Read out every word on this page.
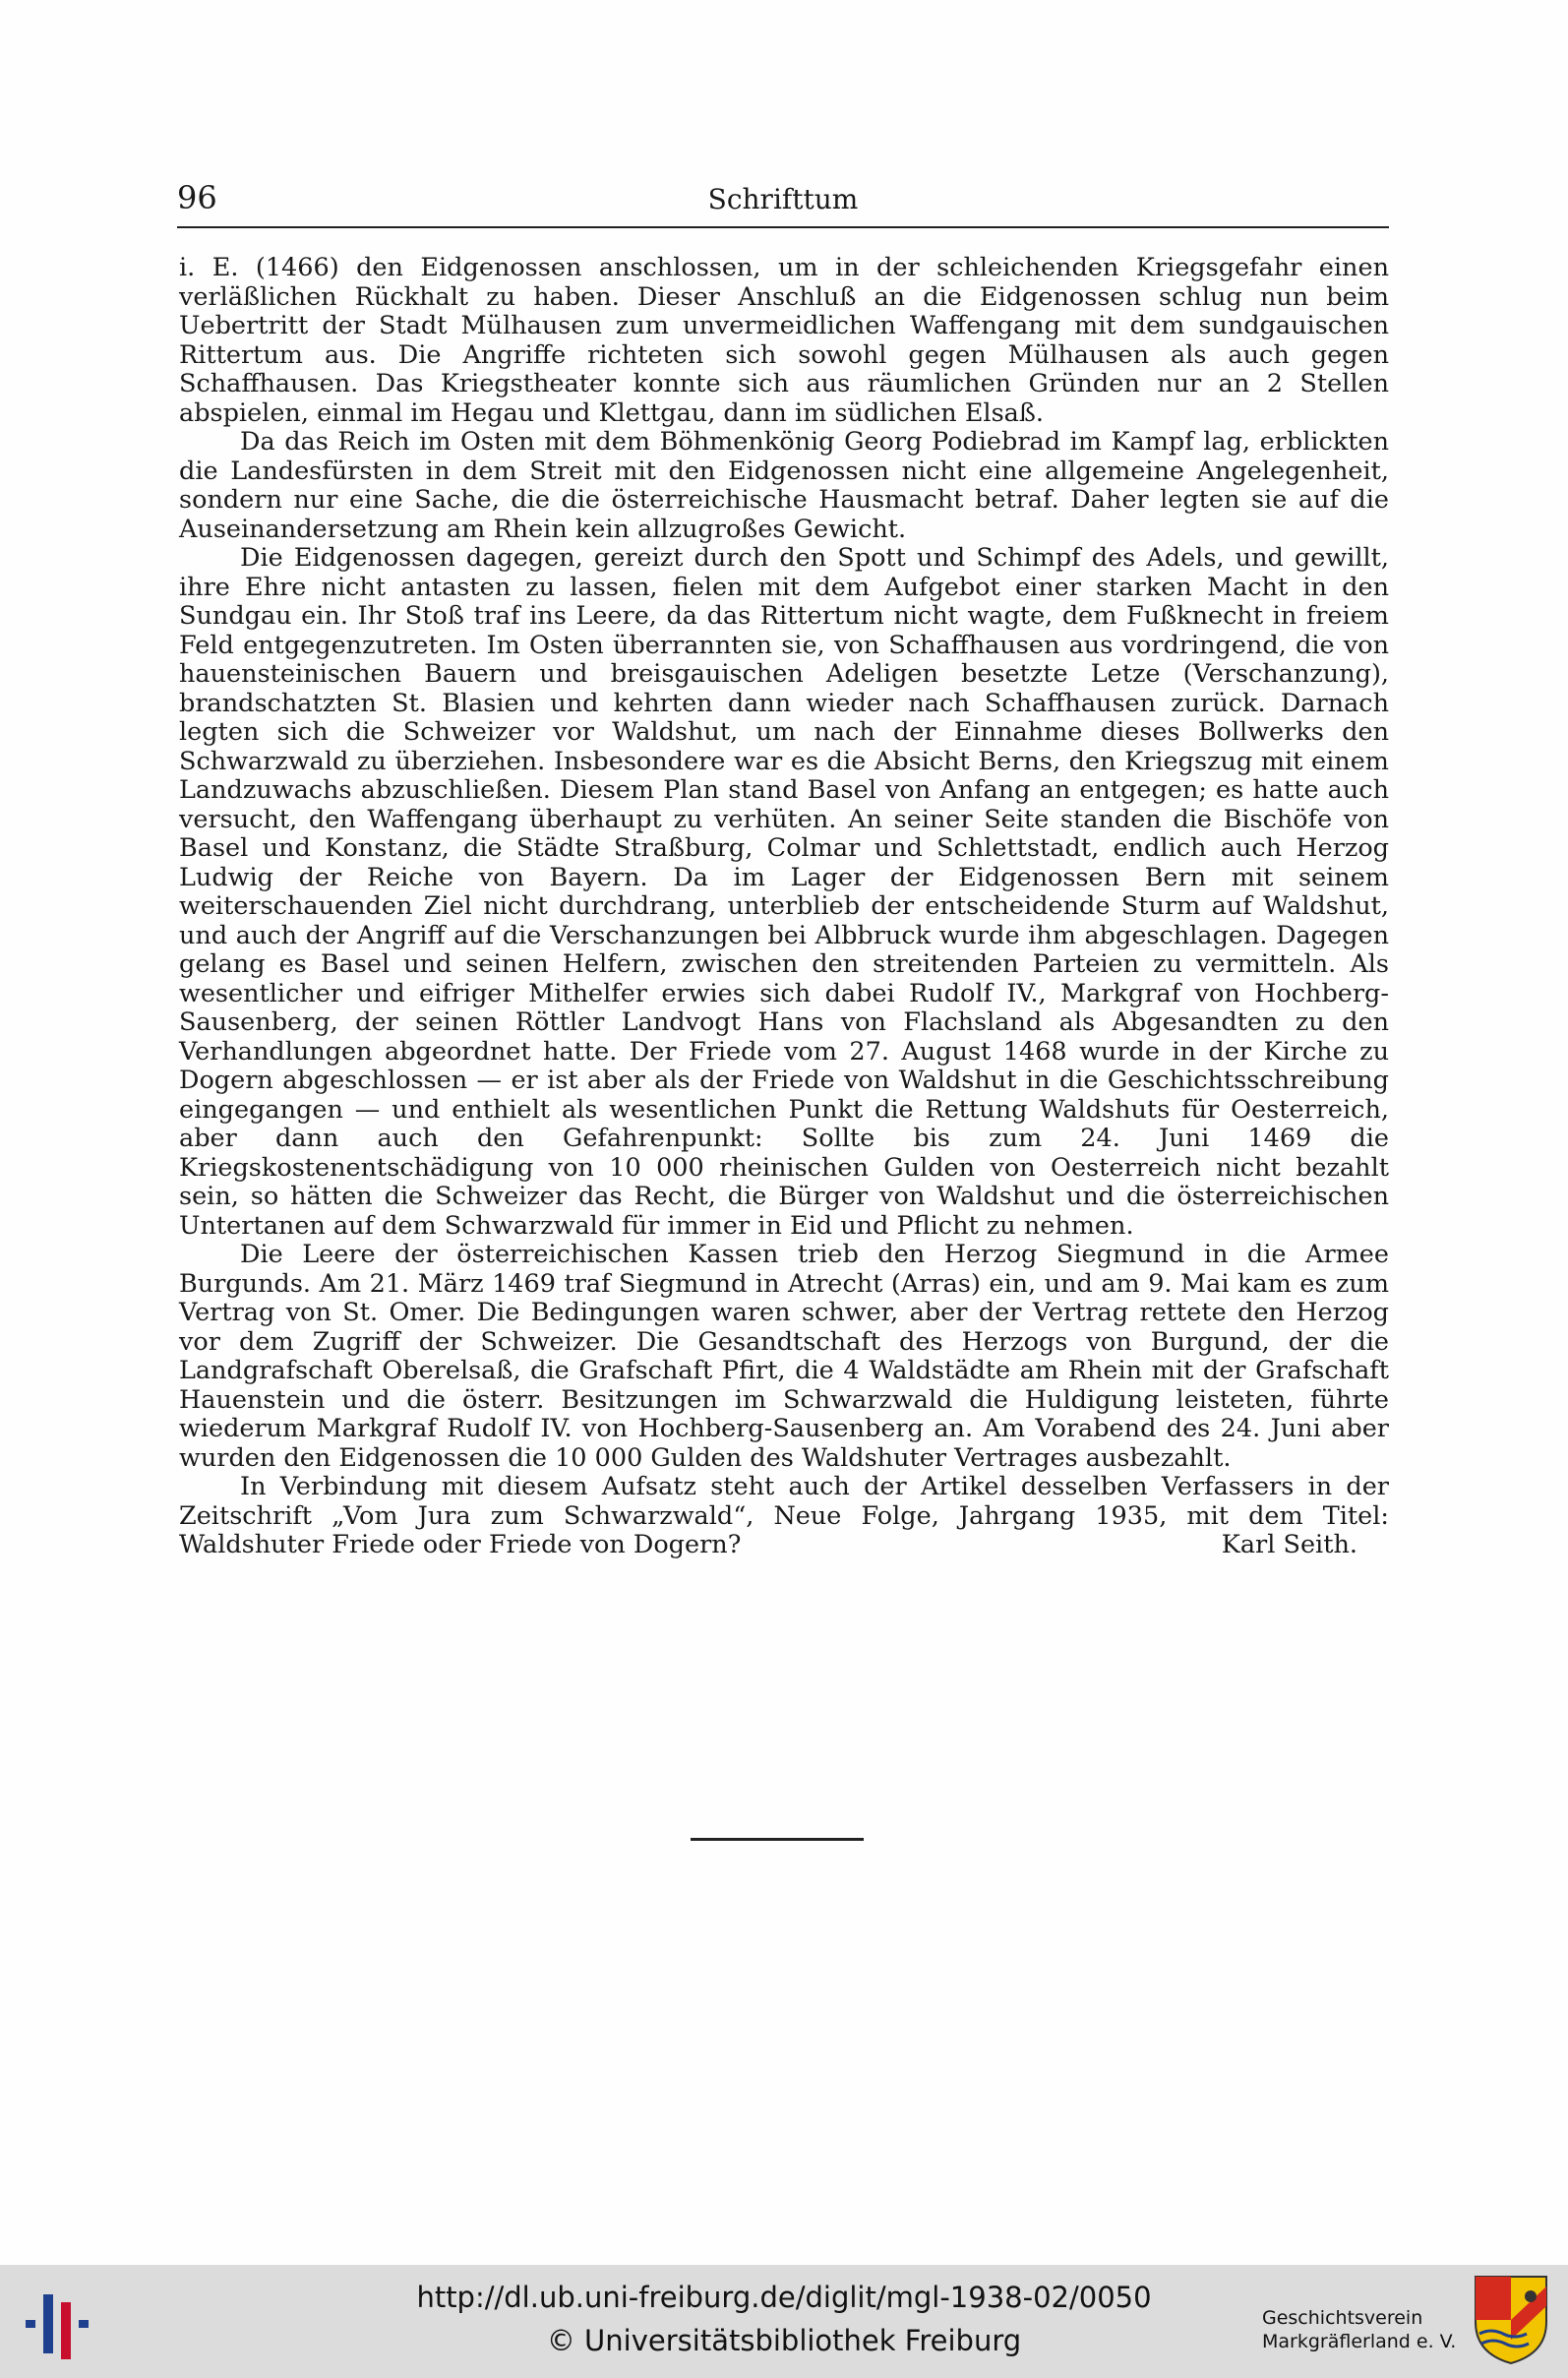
96	Schrifttum

i. E. (1466) den Eidgenossen anschlossen, um in der schleichenden Kriegsgefahr einen verläßlichen Rückhalt zu haben. Dieser Anschluß an die Eidgenossen schlug nun beim Uebertritt der Stadt Mülhausen zum unvermeidlichen Waffengang mit dem sundgauischen Rittertum aus. Die Angriffe richteten sich sowohl gegen Mülhausen als auch gegen Schaffhausen. Das Kriegstheater konnte sich aus räumlichen Gründen nur an 2 Stellen abspielen, einmal im Hegau und Klettgau, dann im südlichen Elsaß.

Da das Reich im Osten mit dem Böhmenkönig Georg Podiebrad im Kampf lag, erblickten die Landesfürsten in dem Streit mit den Eidgenossen nicht eine allgemeine Angelegenheit, sondern nur eine Sache, die die österreichische Hausmacht betraf. Daher legten sie auf die Auseinandersetzung am Rhein kein allzugroßes Gewicht.

Die Eidgenossen dagegen, gereizt durch den Spott und Schimpf des Adels, und gewillt, ihre Ehre nicht antasten zu lassen, fielen mit dem Aufgebot einer starken Macht in den Sundgau ein. Ihr Stoß traf ins Leere, da das Rittertum nicht wagte, dem Fußknecht in freiem Feld entgegenzutreten. Im Osten überrannten sie, von Schaffhausen aus vordringend, die von hauensteinischen Bauern und breisgauischen Adeligen besetzte Letze (Verschanzung), brandschatzten St. Blasien und kehrten dann wieder nach Schaffhausen zurück. Darnach legten sich die Schweizer vor Waldshut, um nach der Einnahme dieses Bollwerks den Schwarzwald zu überziehen. Insbesondere war es die Absicht Berns, den Kriegszug mit einem Landzuwachs abzuschließen. Diesem Plan stand Basel von Anfang an entgegen; es hatte auch versucht, den Waffengang überhaupt zu verhüten. An seiner Seite standen die Bischöfe von Basel und Konstanz, die Städte Straßburg, Colmar und Schlettstadt, endlich auch Herzog Ludwig der Reiche von Bayern. Da im Lager der Eidgenossen Bern mit seinem weiterschauenden Ziel nicht durchdrang, unterblieb der entscheidende Sturm auf Waldshut, und auch der Angriff auf die Verschanzungen bei Albbruck wurde ihm abgeschlagen. Dagegen gelang es Basel und seinen Helfern, zwischen den streitenden Parteien zu vermitteln. Als wesentlicher und eifriger Mithelfer erwies sich dabei Rudolf IV., Markgraf von Hochberg-Sausenberg, der seinen Röttler Landvogt Hans von Flachsland als Abgesandten zu den Verhandlungen abgeordnet hatte. Der Friede vom 27. August 1468 wurde in der Kirche zu Dogern abgeschlossen — er ist aber als der Friede von Waldshut in die Geschichtsschreibung eingegangen — und enthielt als wesentlichen Punkt die Rettung Waldshuts für Oesterreich, aber dann auch den Gefahrenpunkt: Sollte bis zum 24. Juni 1469 die Kriegskostenentschädigung von 10 000 rheinischen Gulden von Oesterreich nicht bezahlt sein, so hätten die Schweizer das Recht, die Bürger von Waldshut und die österreichischen Untertanen auf dem Schwarzwald für immer in Eid und Pflicht zu nehmen.

Die Leere der österreichischen Kassen trieb den Herzog Siegmund in die Armee Burgunds. Am 21. März 1469 traf Siegmund in Atrecht (Arras) ein, und am 9. Mai kam es zum Vertrag von St. Omer. Die Bedingungen waren schwer, aber der Vertrag rettete den Herzog vor dem Zugriff der Schweizer. Die Gesandtschaft des Herzogs von Burgund, der die Landgrafschaft Oberelsaß, die Grafschaft Pfirt, die 4 Waldstädte am Rhein mit der Grafschaft Hauenstein und die österr. Besitzungen im Schwarzwald die Huldigung leisteten, führte wiederum Markgraf Rudolf IV. von Hochberg-Sausenberg an. Am Vorabend des 24. Juni aber wurden den Eidgenossen die 10 000 Gulden des Waldshuter Vertrages ausbezahlt.

In Verbindung mit diesem Aufsatz steht auch der Artikel desselben Verfassers in der Zeitschrift „Vom Jura zum Schwarzwald“, Neue Folge, Jahrgang 1935, mit dem Titel: Waldshuter Friede oder Friede von Dogern?	Karl Seith.
http://dl.ub.uni-freiburg.de/diglit/mgl-1938-02/0050
© Universitätsbibliothek Freiburg
Geschichtsverein
Markgräflerland e. V.
